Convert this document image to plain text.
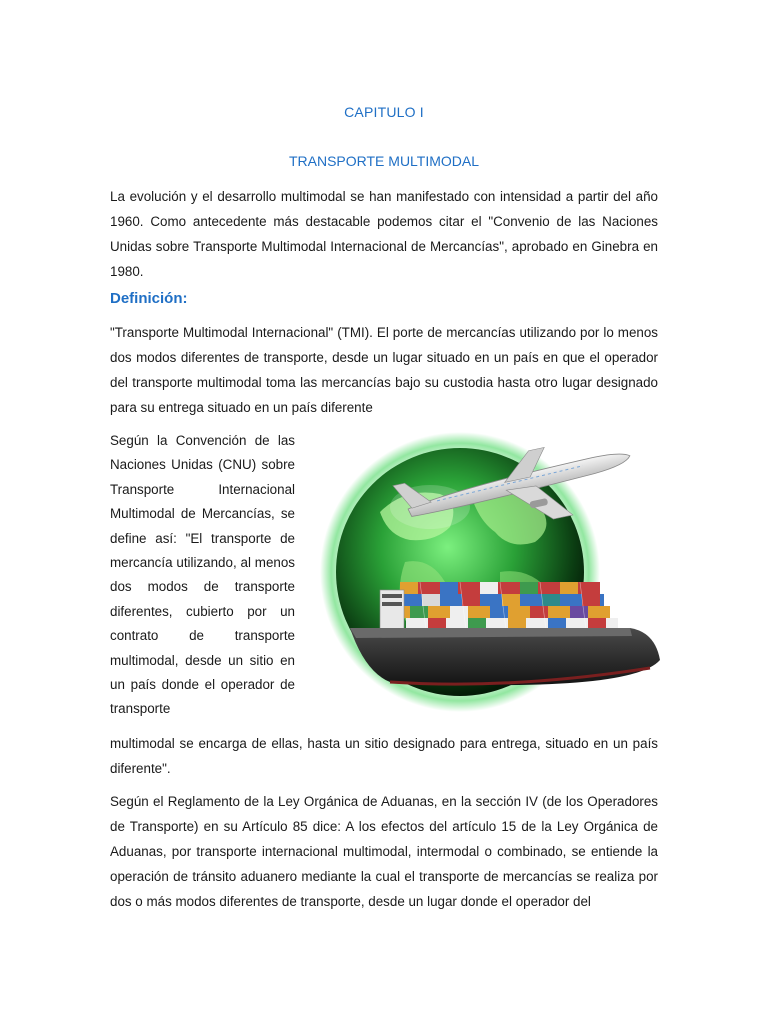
CAPITULO I
TRANSPORTE MULTIMODAL
La evolución y el desarrollo multimodal se han manifestado con intensidad a partir del año 1960. Como antecedente más destacable podemos citar el "Convenio de las Naciones Unidas sobre Transporte Multimodal Internacional de Mercancías", aprobado en Ginebra en 1980.
Definición:
"Transporte Multimodal Internacional" (TMI). El porte de mercancías utilizando por lo menos dos modos diferentes de transporte, desde un lugar situado en un país en que el operador del transporte multimodal toma las mercancías bajo su custodia hasta otro lugar designado para su entrega situado en un país diferente
Según la Convención de las Naciones Unidas (CNU) sobre Transporte Internacional Multimodal de Mercancías, se define así: "El transporte de mercancía utilizando, al menos dos modos de transporte diferentes, cubierto por un contrato de transporte multimodal, desde un sitio en un país donde el operador de transporte
multimodal se encarga de ellas, hasta un sitio designado para entrega, situado en un país diferente".
Según el Reglamento de la Ley Orgánica de Aduanas, en la sección IV (de los Operadores de Transporte) en su Artículo 85 dice: A los efectos del artículo 15 de la Ley Orgánica de Aduanas, por transporte internacional multimodal, intermodal o combinado, se entiende la operación de tránsito aduanero mediante la cual el transporte de mercancías se realiza por dos o más modos diferentes de transporte, desde un lugar donde el operador del
